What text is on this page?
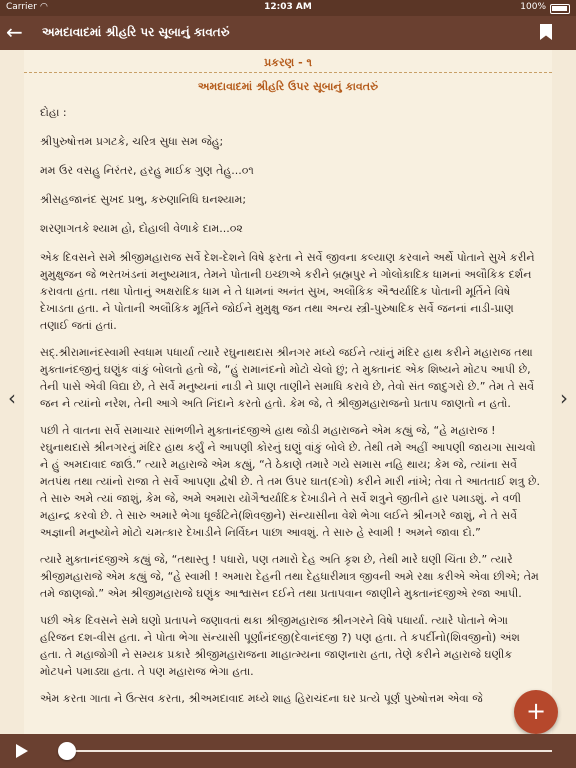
Carrier ◠	12:03 AM	100%
← અમદાવાદમાં શ્રીહરિ પર સૂબાનું કાવતરું
પ્રકરણ - ૧
અમદાવાદમાં શ્રીહરિ ઉપર સૂબાનું કાવતરું

દોહા :

શ્રીપુરુષોત્તમ પ્રગટકે, ચરિત્ર સુધા સમ જેહુ;

મમ ઉર વસહુ નિરંતર, હરહુ માઈક ગુણ તેહુ...૦૧

શ્રીસહજાનંદ સુખદ પ્રભુ, કરુણાનિધિ ઘનશ્યામ;

શરણાગતકે શ્યામ હો, દોહાલી વેળાકે દામ...૦૨

એક દિવસને સમે શ્રીજીમહારાજ સર્વે દેશ-દેશને વિષે ફરતા ને સર્વે જીવના કલ્યાણ કરવાને અર્થે પોતાને સુખે કરીને મુમુક્ષુજન જે ભરતખંડનાં મનુષ્યમાત્ર, તેમને પોતાની ઇચ્છાએ કરીને બ્રહ્મપુર ને ગોલોકાદિક ધામનાં અલૌકિક દર્શન કરાવતા હતા. તથા પોતાનું અક્ષરાદિક ધામ ને તે ધામનાં અનંત સુખ, અલૌકિક ઐશ્વર્યાદિક પોતાની મૂર્તિને વિષે દેખાડતા હતા. ને પોતાની અલૌકિક મૂર્તિને જોઈને મુમુક્ષુ જન તથા અન્ય સ્ત્રી-પુરુષાદિક સર્વે જનનાં નાડી-પ્રાણ તણાઈ જતાં હતાં.

સદ્‌.શ્રીરામાનંદસ્વામી સ્વધામ પધાર્યા ત્યારે રઘુનાથદાસ શ્રીનગર મધ્યે જઈને ત્યાંનું મંદિર હાથ કરીને મહારાજ તથા મુક્તાનંદજીનું ઘણુંક વાંકું બોલતો હતો જે, “હું રામાનંદનો મોટો ચેલો છું; તે મુક્તાનંદ એક શિષ્યને મોટપ આપી છે, તેની પાસે એવી વિદ્યા છે, તે સર્વે મનુષ્યનાં નાડી ને પ્રાણ તાણીને સમાધિ કરાવે છે, તેવો સંત જાદુગરો છે.” તેમ તે સર્વે જન ને ત્યાંનો નરેશ, તેની આગે અતિ નિંદાને કરતો હતો. કેમ જે, તે શ્રીજીમહારાજનો પ્રતાપ જાણતો ન હતો.

પછી તે વાતના સર્વે સમાચાર સાંભળીને મુક્તાનંદજીએ હાથ જોડી મહારાજને એમ કહ્યું જે, “હે મહારાજ ! રઘુનાથદાસે શ્રીનગરનું મંદિર હાથ કર્યું ને આપણી કોરનું ઘણું વાંકું બોલે છે. તેથી તમે અહીં આપણી જાયગા સાચવો ને હું અમદાવાદ જાઉં.” ત્યારે મહારાજે એમ કહ્યું, “તે ઠેકાણે તમારે ગયે સમાસ નહિ થાય; કેમ જે, ત્યાંના સર્વે મતપંથ તથા ત્યાંનો રાજા તે સર્વે આપણા દ્વેષી છે. તે તમ ઉપર ઘાત(દગો) કરીને મારી નાંખે; તેવા તે આતતાઈ શત્રુ છે. તે સારુ અમે ત્યાં જાશું, કેમ જે, અમે અમારા યોગૈશ્વર્યાદિક દેખાડીને તે સર્વે શત્રુને જીતીને હાર પમાડશું. ને વળી મહાન્દ્ર કરવો છે. તે સારુ અમારે ભેગા ધૂર્જટિને(શિવજીને) સંન્યાસીના વેશે ભેગા લઈને શ્રીનગરે જાશું, ને તે સર્વે અજ્ઞાની મનુષ્યોને મોટો ચમત્કાર દેખાડીને નિર્વિઘ્ન પાછા આવશું. તે સારુ હે સ્વામી ! અમને જાવા દો.”

ત્યારે મુક્તાનંદજીએ કહ્યું જે, “તથાસ્તુ ! પધારો, પણ તમારો દેહ અતિ કૃશ છે, તેથી મારે ઘણી ચિંતા છે.” ત્યારે શ્રીજીમહારાજે એમ કહ્યું જે, “હે સ્વામી ! અમારા દેહની તથા દેહધારીમાત્ર જીવની અમે રક્ષા કરીએ એવા છીએ; તેમ તમે જાણજો.” એમ શ્રીજીમહારાજે ઘણુંક આશ્વાસન દઈને તથા પ્રતાપવાન જાણીને મુક્તાનંદજીએ રજા આપી.

પછી એક દિવસને સમે ઘણો પ્રતાપને જણાવતાં થકા શ્રીજીમહારાજ શ્રીનગરને વિષે પધાર્યા. ત્યારે પોતાને ભેગા હરિજન દશ-વીસ હતા. ને પોતા ભેગા સંન્યાસી પૂર્ણાનંદજી(દેવાનંદજી ?) પણ હતા. તે કપર્દીનો(શિવજીનો) અંશ હતા. તે મહાજોગી ને સમ્યક પ્રકારે શ્રીજીમહારાજના માહાત્મ્યના જાણનારા હતા, તેણે કરીને મહારાજે ઘણીક મોટપને પમાડ્યા હતા. તે પણ મહારાજ ભેગા હતા.

એમ કરતા ગાતા ને ઉત્સવ કરતા, શ્રીઅમદાવાદ મધ્યે શાહ હિરાચંદના ઘર પ્રત્યે પૂર્ણ પુરુષોત્તમ એવા જે

‹	›
+
